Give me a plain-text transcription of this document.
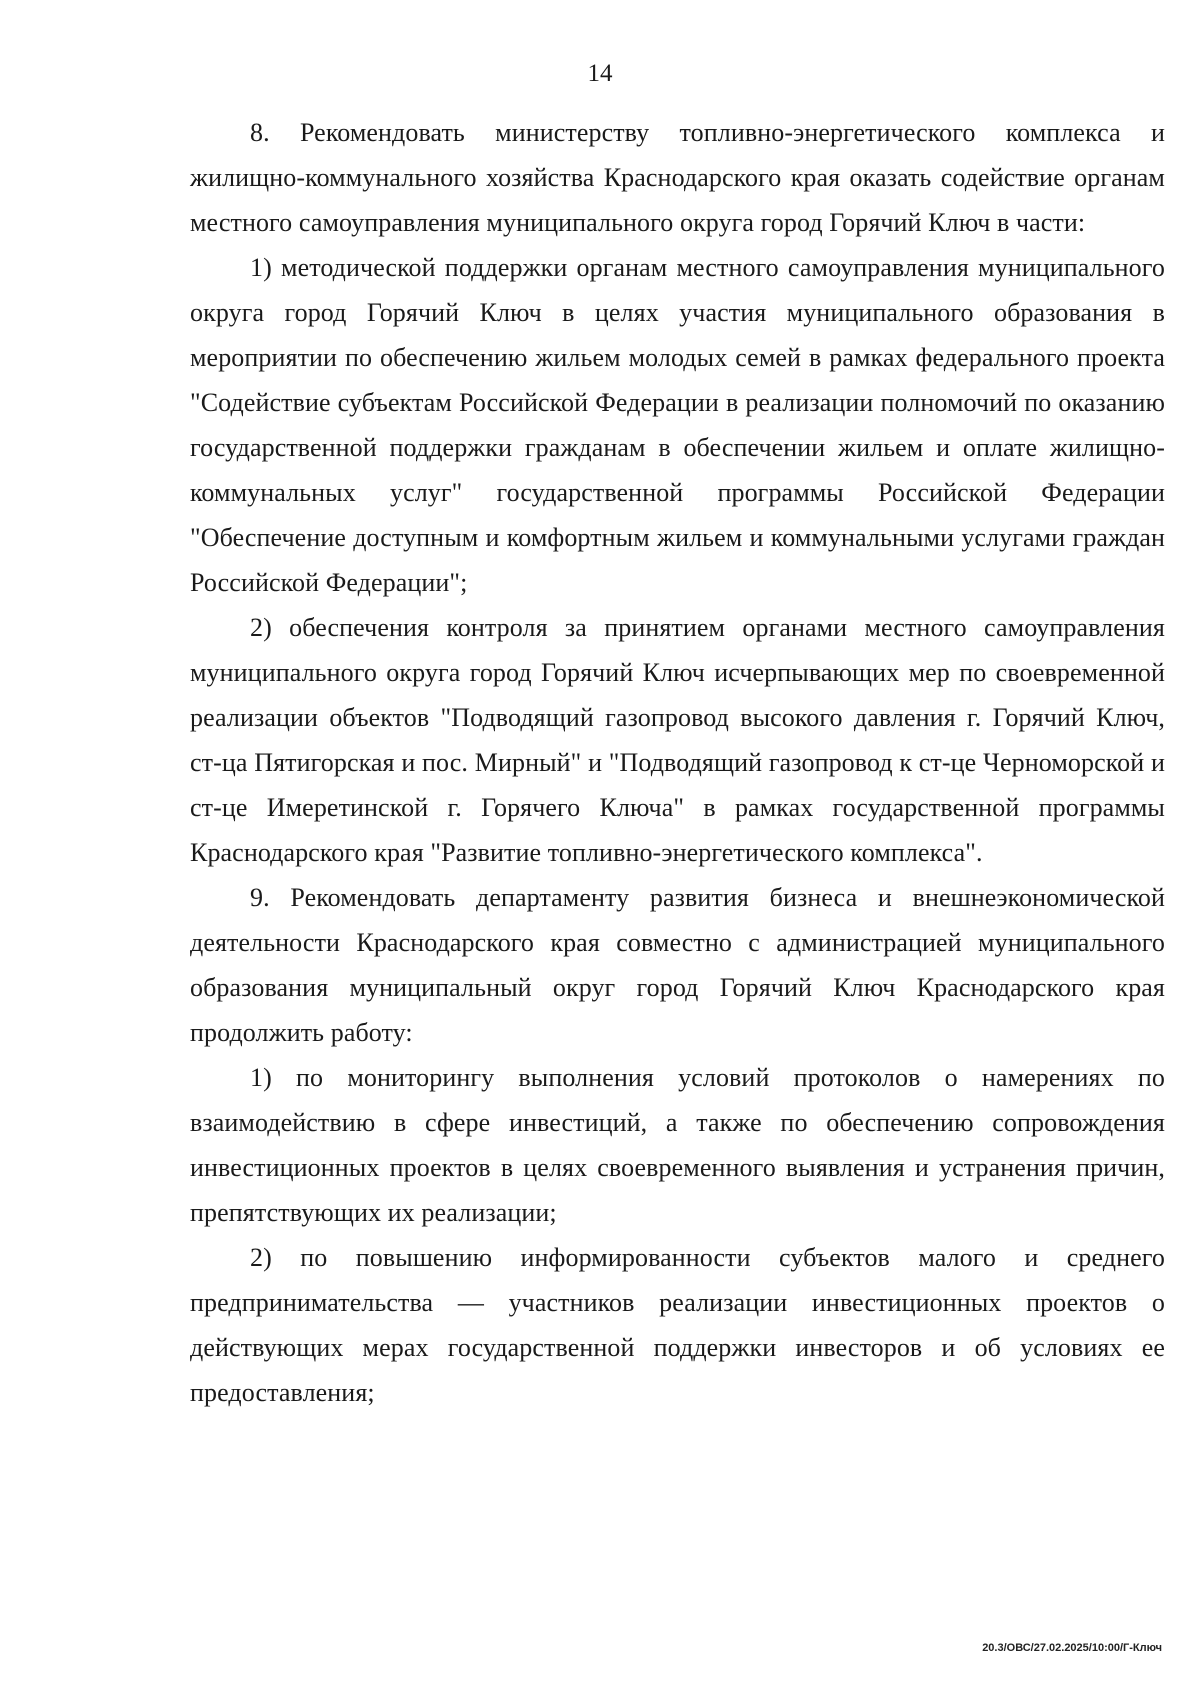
14

8. Рекомендовать министерству топливно-энергетического комплекса и жилищно-коммунального хозяйства Краснодарского края оказать содействие органам местного самоуправления муниципального округа город Горячий Ключ в части:

1) методической поддержки органам местного самоуправления муниципального округа город Горячий Ключ в целях участия муниципального образования в мероприятии по обеспечению жильем молодых семей в рамках федерального проекта "Содействие субъектам Российской Федерации в реализации полномочий по оказанию государственной поддержки гражданам в обеспечении жильем и оплате жилищно-коммунальных услуг" государственной программы Российской Федерации "Обеспечение доступным и комфортным жильем и коммунальными услугами граждан Российской Федерации";

2) обеспечения контроля за принятием органами местного самоуправления муниципального округа город Горячий Ключ исчерпывающих мер по своевременной реализации объектов "Подводящий газопровод высокого давления г. Горячий Ключ, ст-ца Пятигорская и пос. Мирный" и "Подводящий газопровод к ст-це Черноморской и ст-це Имеретинской г. Горячего Ключа" в рамках государственной программы Краснодарского края "Развитие топливно-энергетического комплекса".

9. Рекомендовать департаменту развития бизнеса и внешнеэкономической деятельности Краснодарского края совместно с администрацией муниципального образования муниципальный округ город Горячий Ключ Краснодарского края продолжить работу:

1) по мониторингу выполнения условий протоколов о намерениях по взаимодействию в сфере инвестиций, а также по обеспечению сопровождения инвестиционных проектов в целях своевременного выявления и устранения причин, препятствующих их реализации;

2) по повышению информированности субъектов малого и среднего предпринимательства — участников реализации инвестиционных проектов о действующих мерах государственной поддержки инвесторов и об условиях ее предоставления;

20.3/ОВС/27.02.2025/10:00/Г-Ключ
